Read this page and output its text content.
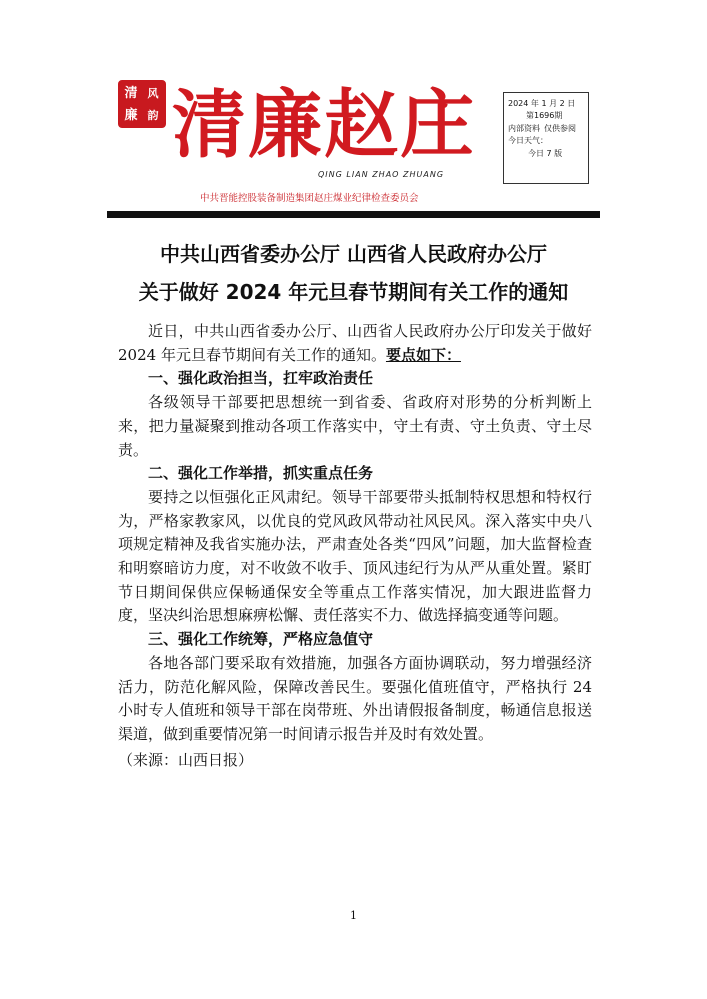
清 风
廉 韵 清廉赵庄
QING LIAN ZHAO ZHUANG
中共晋能控股装备制造集团赵庄煤业纪律检查委员会
2024 年 1 月 2 日
第1696期
内部资料 仅供参阅
今日天气：
今日 7 版
中共山西省委办公厅 山西省人民政府办公厅
关于做好 2024 年元旦春节期间有关工作的通知

近日，中共山西省委办公厅、山西省人民政府办公厅印发关于做好 2024 年元旦春节期间有关工作的通知。要点如下：

一、强化政治担当，扛牢政治责任

各级领导干部要把思想统一到省委、省政府对形势的分析判断上来，把力量凝聚到推动各项工作落实中，守土有责、守土负责、守土尽责。

二、强化工作举措，抓实重点任务

要持之以恒强化正风肃纪。领导干部要带头抵制特权思想和特权行为，严格家教家风，以优良的党风政风带动社风民风。深入落实中央八项规定精神及我省实施办法，严肃查处各类“四风”问题，加大监督检查和明察暗访力度，对不收敛不收手、顶风违纪行为从严从重处置。紧盯节日期间保供应保畅通保安全等重点工作落实情况，加大跟进监督力度，坚决纠治思想麻痹松懈、责任落实不力、做选择搞变通等问题。

三、强化工作统筹，严格应急值守

各地各部门要采取有效措施，加强各方面协调联动，努力增强经济活力，防范化解风险，保障改善民生。要强化值班值守，严格执行 24 小时专人值班和领导干部在岗带班、外出请假报备制度，畅通信息报送渠道，做到重要情况第一时间请示报告并及时有效处置。

（来源：山西日报）

1
